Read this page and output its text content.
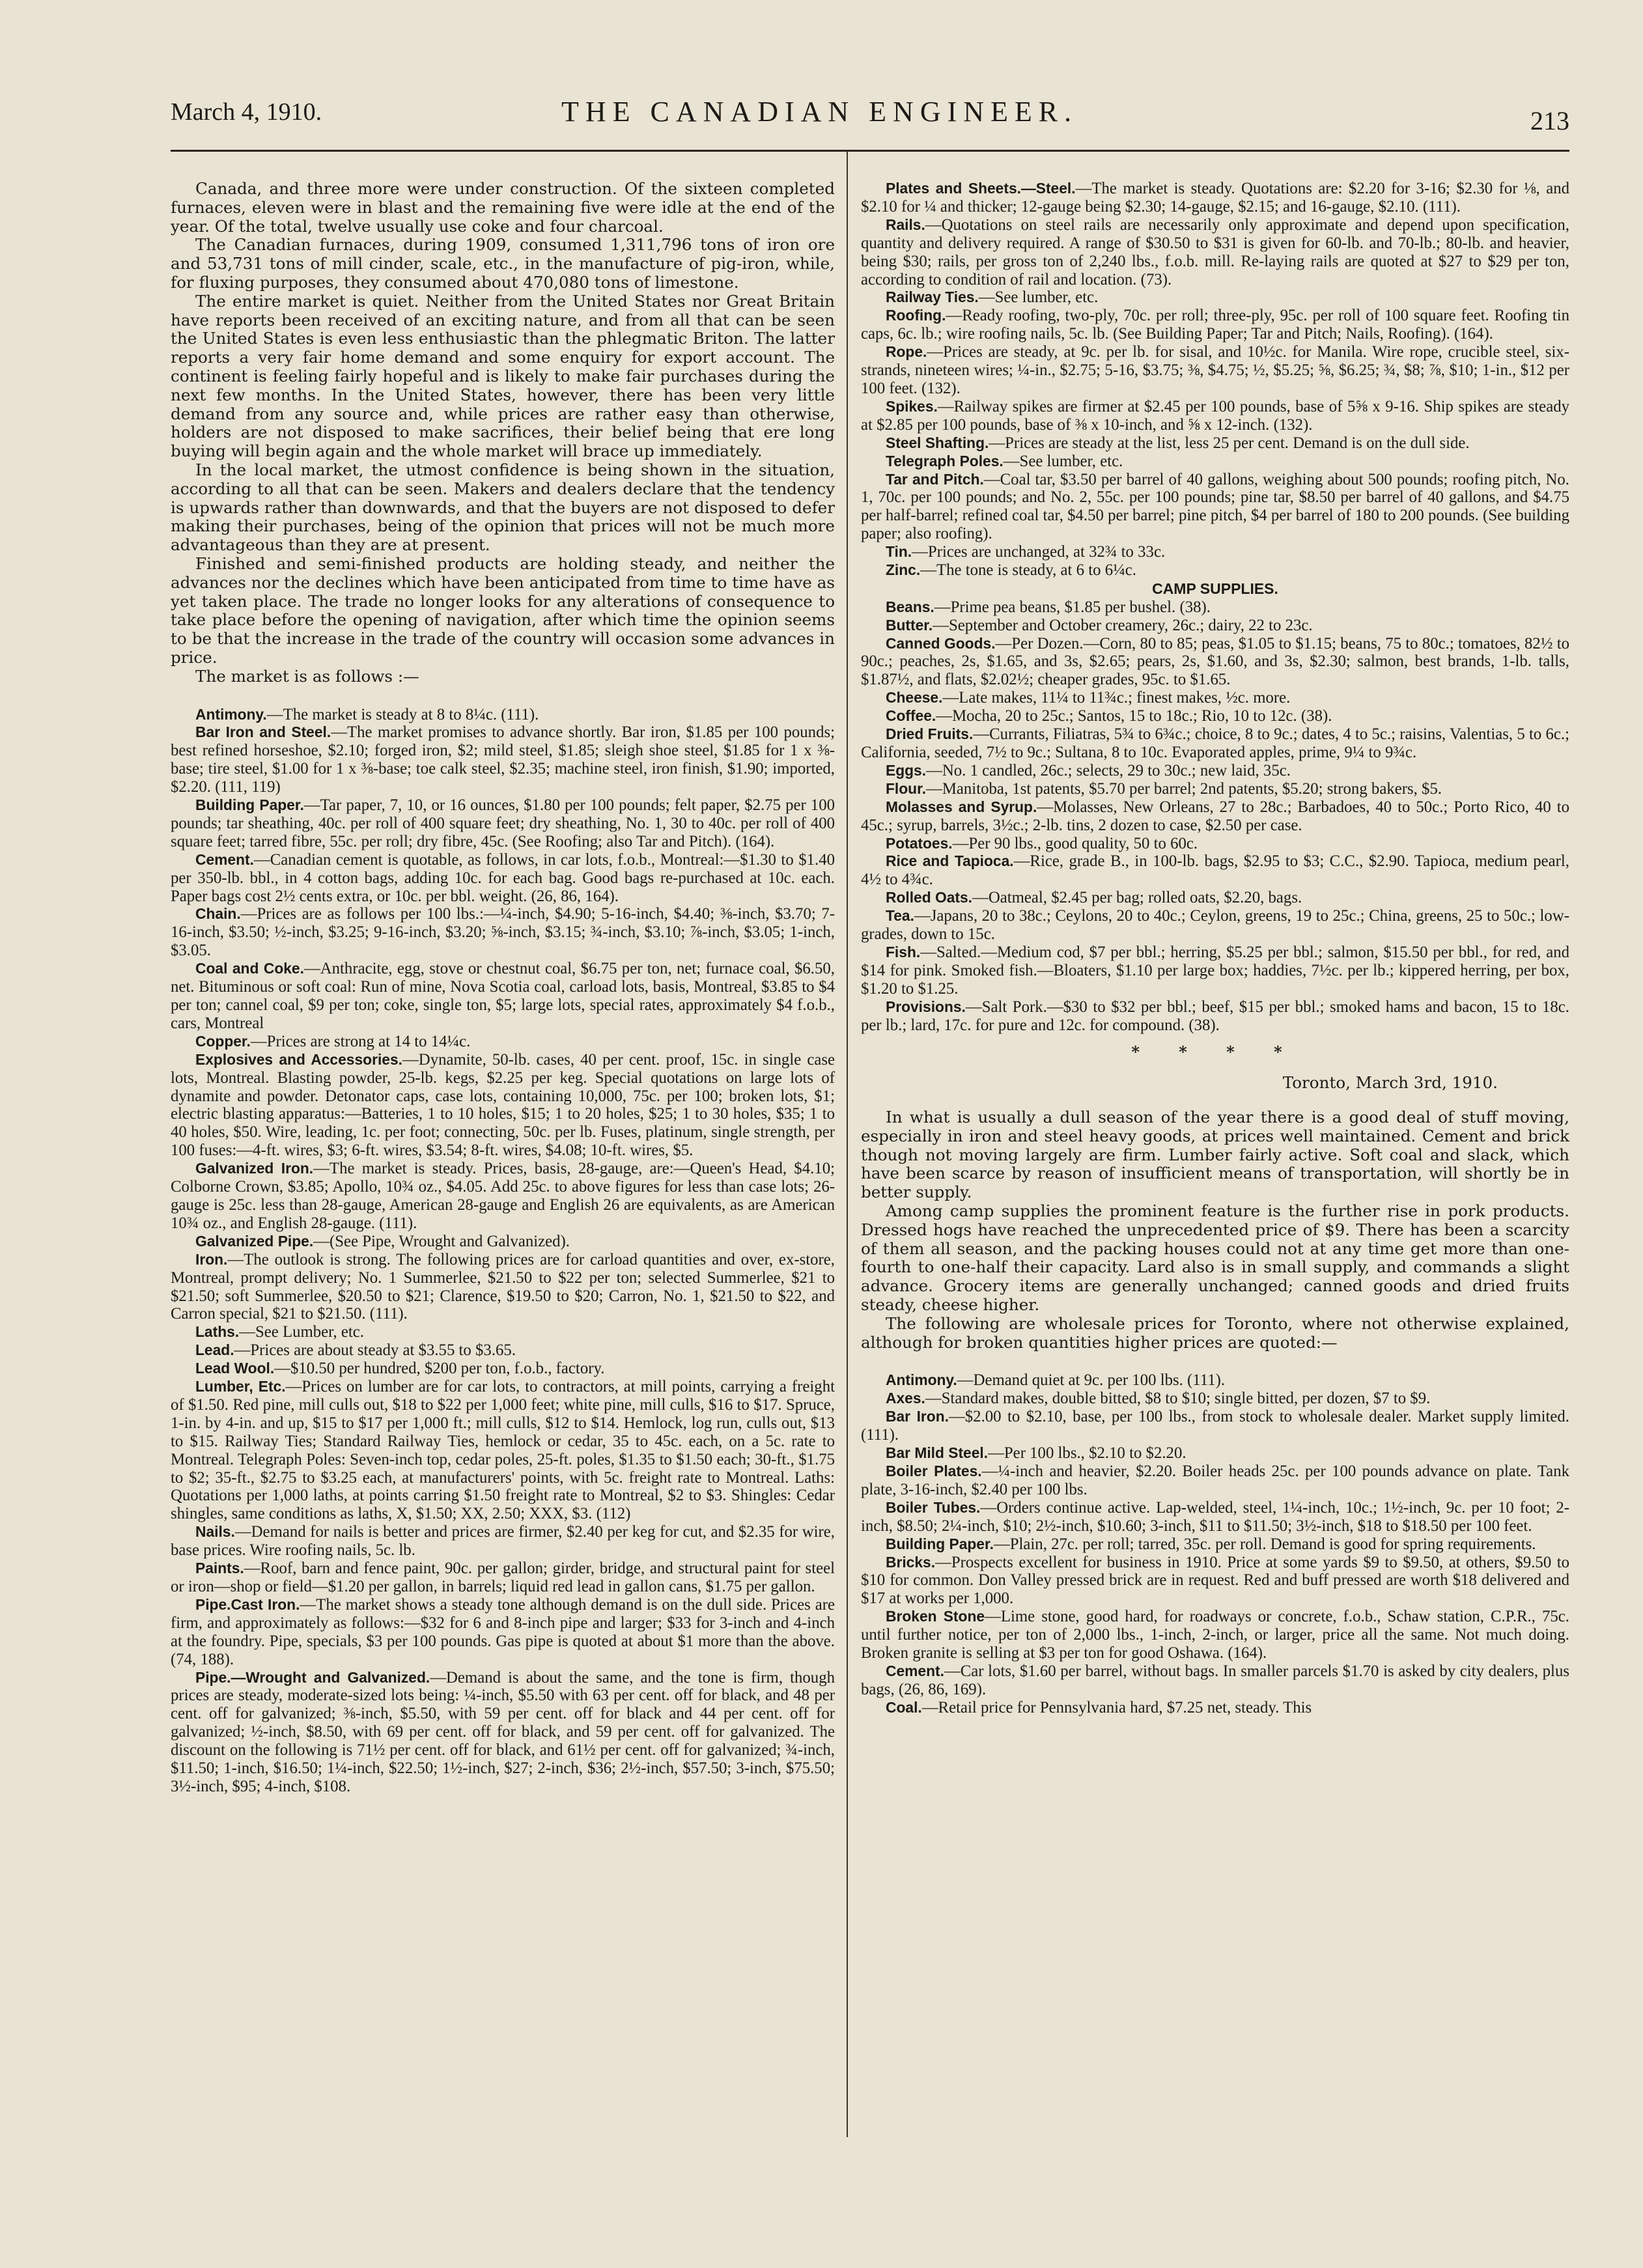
March 4, 1910.	THE CANADIAN ENGINEER.	213

Canada, and three more were under construction. Of the sixteen completed furnaces, eleven were in blast and the remaining five were idle at the end of the year. Of the total, twelve usually use coke and four charcoal.

The Canadian furnaces, during 1909, consumed 1,311,796 tons of iron ore and 53,731 tons of mill cinder, scale, etc., in the manufacture of pig-iron, while, for fluxing purposes, they consumed about 470,080 tons of limestone.

The entire market is quiet. Neither from the United States nor Great Britain have reports been received of an exciting nature, and from all that can be seen the United States is even less enthusiastic than the phlegmatic Briton. The latter reports a very fair home demand and some enquiry for export account. The continent is feeling fairly hopeful and is likely to make fair purchases during the next few months. In the United States, however, there has been very little demand from any source and, while prices are rather easy than otherwise, holders are not disposed to make sacrifices, their belief being that ere long buying will begin again and the whole market will brace up immediately.

In the local market, the utmost confidence is being shown in the situation, according to all that can be seen. Makers and dealers declare that the tendency is upwards rather than downwards, and that the buyers are not disposed to defer making their purchases, being of the opinion that prices will not be much more advantageous than they are at present.

Finished and semi-finished products are holding steady, and neither the advances nor the declines which have been anticipated from time to time have as yet taken place. The trade no longer looks for any alterations of consequence to take place before the opening of navigation, after which time the opinion seems to be that the increase in the trade of the country will occasion some advances in price.

The market is as follows :—

Antimony.—The market is steady at 8 to 8¼c. (111).

Bar Iron and Steel.—The market promises to advance shortly. Bar iron, $1.85 per 100 pounds; best refined horseshoe, $2.10; forged iron, $2; mild steel, $1.85; sleigh shoe steel, $1.85 for 1 x ⅜-base; tire steel, $1.00 for 1 x ⅜-base; toe calk steel, $2.35; machine steel, iron finish, $1.90; imported, $2.20. (111, 119)

Building Paper.—Tar paper, 7, 10, or 16 ounces, $1.80 per 100 pounds; felt paper, $2.75 per 100 pounds; tar sheathing, 40c. per roll of 400 square feet; dry sheathing, No. 1, 30 to 40c. per roll of 400 square feet; tarred fibre, 55c. per roll; dry fibre, 45c. (See Roofing; also Tar and Pitch). (164).

Cement.—Canadian cement is quotable, as follows, in car lots, f.o.b., Montreal:—$1.30 to $1.40 per 350-lb. bbl., in 4 cotton bags, adding 10c. for each bag. Good bags re-purchased at 10c. each. Paper bags cost 2½ cents extra, or 10c. per bbl. weight. (26, 86, 164).

Chain.—Prices are as follows per 100 lbs.:—¼-inch, $4.90; 5-16-inch, $4.40; ⅜-inch, $3.70; 7-16-inch, $3.50; ½-inch, $3.25; 9-16-inch, $3.20; ⅝-inch, $3.15; ¾-inch, $3.10; ⅞-inch, $3.05; 1-inch, $3.05.

Coal and Coke.—Anthracite, egg, stove or chestnut coal, $6.75 per ton, net; furnace coal, $6.50, net. Bituminous or soft coal: Run of mine, Nova Scotia coal, carload lots, basis, Montreal, $3.85 to $4 per ton; cannel coal, $9 per ton; coke, single ton, $5; large lots, special rates, approximately $4 f.o.b., cars, Montreal

Copper.—Prices are strong at 14 to 14¼c.

Explosives and Accessories.—Dynamite, 50-lb. cases, 40 per cent. proof, 15c. in single case lots, Montreal. Blasting powder, 25-lb. kegs, $2.25 per keg. Special quotations on large lots of dynamite and powder. Detonator caps, case lots, containing 10,000, 75c. per 100; broken lots, $1; electric blasting apparatus:—Batteries, 1 to 10 holes, $15; 1 to 20 holes, $25; 1 to 30 holes, $35; 1 to 40 holes, $50. Wire, leading, 1c. per foot; connecting, 50c. per lb. Fuses, platinum, single strength, per 100 fuses:—4-ft. wires, $3; 6-ft. wires, $3.54; 8-ft. wires, $4.08; 10-ft. wires, $5.

Galvanized Iron.—The market is steady. Prices, basis, 28-gauge, are:—Queen's Head, $4.10; Colborne Crown, $3.85; Apollo, 10¾ oz., $4.05. Add 25c. to above figures for less than case lots; 26-gauge is 25c. less than 28-gauge, American 28-gauge and English 26 are equivalents, as are American 10¾ oz., and English 28-gauge. (111).

Galvanized Pipe.—(See Pipe, Wrought and Galvanized).

Iron.—The outlook is strong. The following prices are for carload quantities and over, ex-store, Montreal, prompt delivery; No. 1 Summerlee, $21.50 to $22 per ton; selected Summerlee, $21 to $21.50; soft Summerlee, $20.50 to $21; Clarence, $19.50 to $20; Carron, No. 1, $21.50 to $22, and Carron special, $21 to $21.50. (111).

Laths.—See Lumber, etc.

Lead.—Prices are about steady at $3.55 to $3.65.

Lead Wool.—$10.50 per hundred, $200 per ton, f.o.b., factory.

Lumber, Etc.—Prices on lumber are for car lots, to contractors, at mill points, carrying a freight of $1.50. Red pine, mill culls out, $18 to $22 per 1,000 feet; white pine, mill culls, $16 to $17. Spruce, 1-in. by 4-in. and up, $15 to $17 per 1,000 ft.; mill culls, $12 to $14. Hemlock, log run, culls out, $13 to $15. Railway Ties; Standard Railway Ties, hemlock or cedar, 35 to 45c. each, on a 5c. rate to Montreal. Telegraph Poles: Seven-inch top, cedar poles, 25-ft. poles, $1.35 to $1.50 each; 30-ft., $1.75 to $2; 35-ft., $2.75 to $3.25 each, at manufacturers' points, with 5c. freight rate to Montreal. Laths: Quotations per 1,000 laths, at points carring $1.50 freight rate to Montreal, $2 to $3. Shingles: Cedar shingles, same conditions as laths, X, $1.50; XX, 2.50; XXX, $3. (112)

Nails.—Demand for nails is better and prices are firmer, $2.40 per keg for cut, and $2.35 for wire, base prices. Wire roofing nails, 5c. lb.

Paints.—Roof, barn and fence paint, 90c. per gallon; girder, bridge, and structural paint for steel or iron—shop or field—$1.20 per gallon, in barrels; liquid red lead in gallon cans, $1.75 per gallon.

Pipe.Cast Iron.—The market shows a steady tone although demand is on the dull side. Prices are firm, and approximately as follows:—$32 for 6 and 8-inch pipe and larger; $33 for 3-inch and 4-inch at the foundry. Pipe, specials, $3 per 100 pounds. Gas pipe is quoted at about $1 more than the above. (74, 188).

Pipe.—Wrought and Galvanized.—Demand is about the same, and the tone is firm, though prices are steady, moderate-sized lots being: ¼-inch, $5.50 with 63 per cent. off for black, and 48 per cent. off for galvanized; ⅜-inch, $5.50, with 59 per cent. off for black and 44 per cent. off for galvanized; ½-inch, $8.50, with 69 per cent. off for black, and 59 per cent. off for galvanized. The discount on the following is 71½ per cent. off for black, and 61½ per cent. off for galvanized; ¾-inch, $11.50; 1-inch, $16.50; 1¼-inch, $22.50; 1½-inch, $27; 2-inch, $36; 2½-inch, $57.50; 3-inch, $75.50; 3½-inch, $95; 4-inch, $108.

Plates and Sheets.—Steel.—The market is steady. Quotations are: $2.20 for 3-16; $2.30 for ⅛, and $2.10 for ¼ and thicker; 12-gauge being $2.30; 14-gauge, $2.15; and 16-gauge, $2.10. (111).

Rails.—Quotations on steel rails are necessarily only approximate and depend upon specification, quantity and delivery required. A range of $30.50 to $31 is given for 60-lb. and 70-lb.; 80-lb. and heavier, being $30; rails, per gross ton of 2,240 lbs., f.o.b. mill. Re-laying rails are quoted at $27 to $29 per ton, according to condition of rail and location. (73).

Railway Ties.—See lumber, etc.

Roofing.—Ready roofing, two-ply, 70c. per roll; three-ply, 95c. per roll of 100 square feet. Roofing tin caps, 6c. lb.; wire roofing nails, 5c. lb. (See Building Paper; Tar and Pitch; Nails, Roofing). (164).

Rope.—Prices are steady, at 9c. per lb. for sisal, and 10½c. for Manila. Wire rope, crucible steel, six-strands, nineteen wires; ¼-in., $2.75; 5-16, $3.75; ⅜, $4.75; ½, $5.25; ⅝, $6.25; ¾, $8; ⅞, $10; 1-in., $12 per 100 feet. (132).

Spikes.—Railway spikes are firmer at $2.45 per 100 pounds, base of 5⅝ x 9-16. Ship spikes are steady at $2.85 per 100 pounds, base of ⅜ x 10-inch, and ⅝ x 12-inch. (132).

Steel Shafting.—Prices are steady at the list, less 25 per cent. Demand is on the dull side.

Telegraph Poles.—See lumber, etc.

Tar and Pitch.—Coal tar, $3.50 per barrel of 40 gallons, weighing about 500 pounds; roofing pitch, No. 1, 70c. per 100 pounds; and No. 2, 55c. per 100 pounds; pine tar, $8.50 per barrel of 40 gallons, and $4.75 per half-barrel; refined coal tar, $4.50 per barrel; pine pitch, $4 per barrel of 180 to 200 pounds. (See building paper; also roofing).

Tin.—Prices are unchanged, at 32¾ to 33c.

Zinc.—The tone is steady, at 6 to 6¼c.

CAMP SUPPLIES.

Beans.—Prime pea beans, $1.85 per bushel. (38).

Butter.—September and October creamery, 26c.; dairy, 22 to 23c.

Canned Goods.—Per Dozen.—Corn, 80 to 85; peas, $1.05 to $1.15; beans, 75 to 80c.; tomatoes, 82½ to 90c.; peaches, 2s, $1.65, and 3s, $2.65; pears, 2s, $1.60, and 3s, $2.30; salmon, best brands, 1-lb. talls, $1.87½, and flats, $2.02½; cheaper grades, 95c. to $1.65.

Cheese.—Late makes, 11¼ to 11¾c.; finest makes, ½c. more.

Coffee.—Mocha, 20 to 25c.; Santos, 15 to 18c.; Rio, 10 to 12c. (38).

Dried Fruits.—Currants, Filiatras, 5¾ to 6¾c.; choice, 8 to 9c.; dates, 4 to 5c.; raisins, Valentias, 5 to 6c.; California, seeded, 7½ to 9c.; Sultana, 8 to 10c. Evaporated apples, prime, 9¼ to 9¾c.

Eggs.—No. 1 candled, 26c.; selects, 29 to 30c.; new laid, 35c.

Flour.—Manitoba, 1st patents, $5.70 per barrel; 2nd patents, $5.20; strong bakers, $5.

Molasses and Syrup.—Molasses, New Orleans, 27 to 28c.; Barbadoes, 40 to 50c.; Porto Rico, 40 to 45c.; syrup, barrels, 3½c.; 2-lb. tins, 2 dozen to case, $2.50 per case.

Potatoes.—Per 90 lbs., good quality, 50 to 60c.

Rice and Tapioca.—Rice, grade B., in 100-lb. bags, $2.95 to $3; C.C., $2.90. Tapioca, medium pearl, 4½ to 4¾c.

Rolled Oats.—Oatmeal, $2.45 per bag; rolled oats, $2.20, bags.

Tea.—Japans, 20 to 38c.; Ceylons, 20 to 40c.; Ceylon, greens, 19 to 25c.; China, greens, 25 to 50c.; low-grades, down to 15c.

Fish.—Salted.—Medium cod, $7 per bbl.; herring, $5.25 per bbl.; salmon, $15.50 per bbl., for red, and $14 for pink. Smoked fish.—Bloaters, $1.10 per large box; haddies, 7½c. per lb.; kippered herring, per box, $1.20 to $1.25.

Provisions.—Salt Pork.—$30 to $32 per bbl.; beef, $15 per bbl.; smoked hams and bacon, 15 to 18c. per lb.; lard, 17c. for pure and 12c. for compound. (38).

* * * *

Toronto, March 3rd, 1910.

In what is usually a dull season of the year there is a good deal of stuff moving, especially in iron and steel heavy goods, at prices well maintained. Cement and brick though not moving largely are firm. Lumber fairly active. Soft coal and slack, which have been scarce by reason of insufficient means of transportation, will shortly be in better supply.

Among camp supplies the prominent feature is the further rise in pork products. Dressed hogs have reached the unprecedented price of $9. There has been a scarcity of them all season, and the packing houses could not at any time get more than one-fourth to one-half their capacity. Lard also is in small supply, and commands a slight advance. Grocery items are generally unchanged; canned goods and dried fruits steady, cheese higher.

The following are wholesale prices for Toronto, where not otherwise explained, although for broken quantities higher prices are quoted:—

Antimony.—Demand quiet at 9c. per 100 lbs. (111).

Axes.—Standard makes, double bitted, $8 to $10; single bitted, per dozen, $7 to $9.

Bar Iron.—$2.00 to $2.10, base, per 100 lbs., from stock to wholesale dealer. Market supply limited. (111).

Bar Mild Steel.—Per 100 lbs., $2.10 to $2.20.

Boiler Plates.—¼-inch and heavier, $2.20. Boiler heads 25c. per 100 pounds advance on plate. Tank plate, 3-16-inch, $2.40 per 100 lbs.

Boiler Tubes.—Orders continue active. Lap-welded, steel, 1¼-inch, 10c.; 1½-inch, 9c. per 10 foot; 2-inch, $8.50; 2¼-inch, $10; 2½-inch, $10.60; 3-inch, $11 to $11.50; 3½-inch, $18 to $18.50 per 100 feet.

Building Paper.—Plain, 27c. per roll; tarred, 35c. per roll. Demand is good for spring requirements.

Bricks.—Prospects excellent for business in 1910. Price at some yards $9 to $9.50, at others, $9.50 to $10 for common. Don Valley pressed brick are in request. Red and buff pressed are worth $18 delivered and $17 at works per 1,000.

Broken Stone—Lime stone, good hard, for roadways or concrete, f.o.b., Schaw station, C.P.R., 75c. until further notice, per ton of 2,000 lbs., 1-inch, 2-inch, or larger, price all the same. Not much doing. Broken granite is selling at $3 per ton for good Oshawa. (164).

Cement.—Car lots, $1.60 per barrel, without bags. In smaller parcels $1.70 is asked by city dealers, plus bags, (26, 86, 169).

Coal.—Retail price for Pennsylvania hard, $7.25 net, steady. This
